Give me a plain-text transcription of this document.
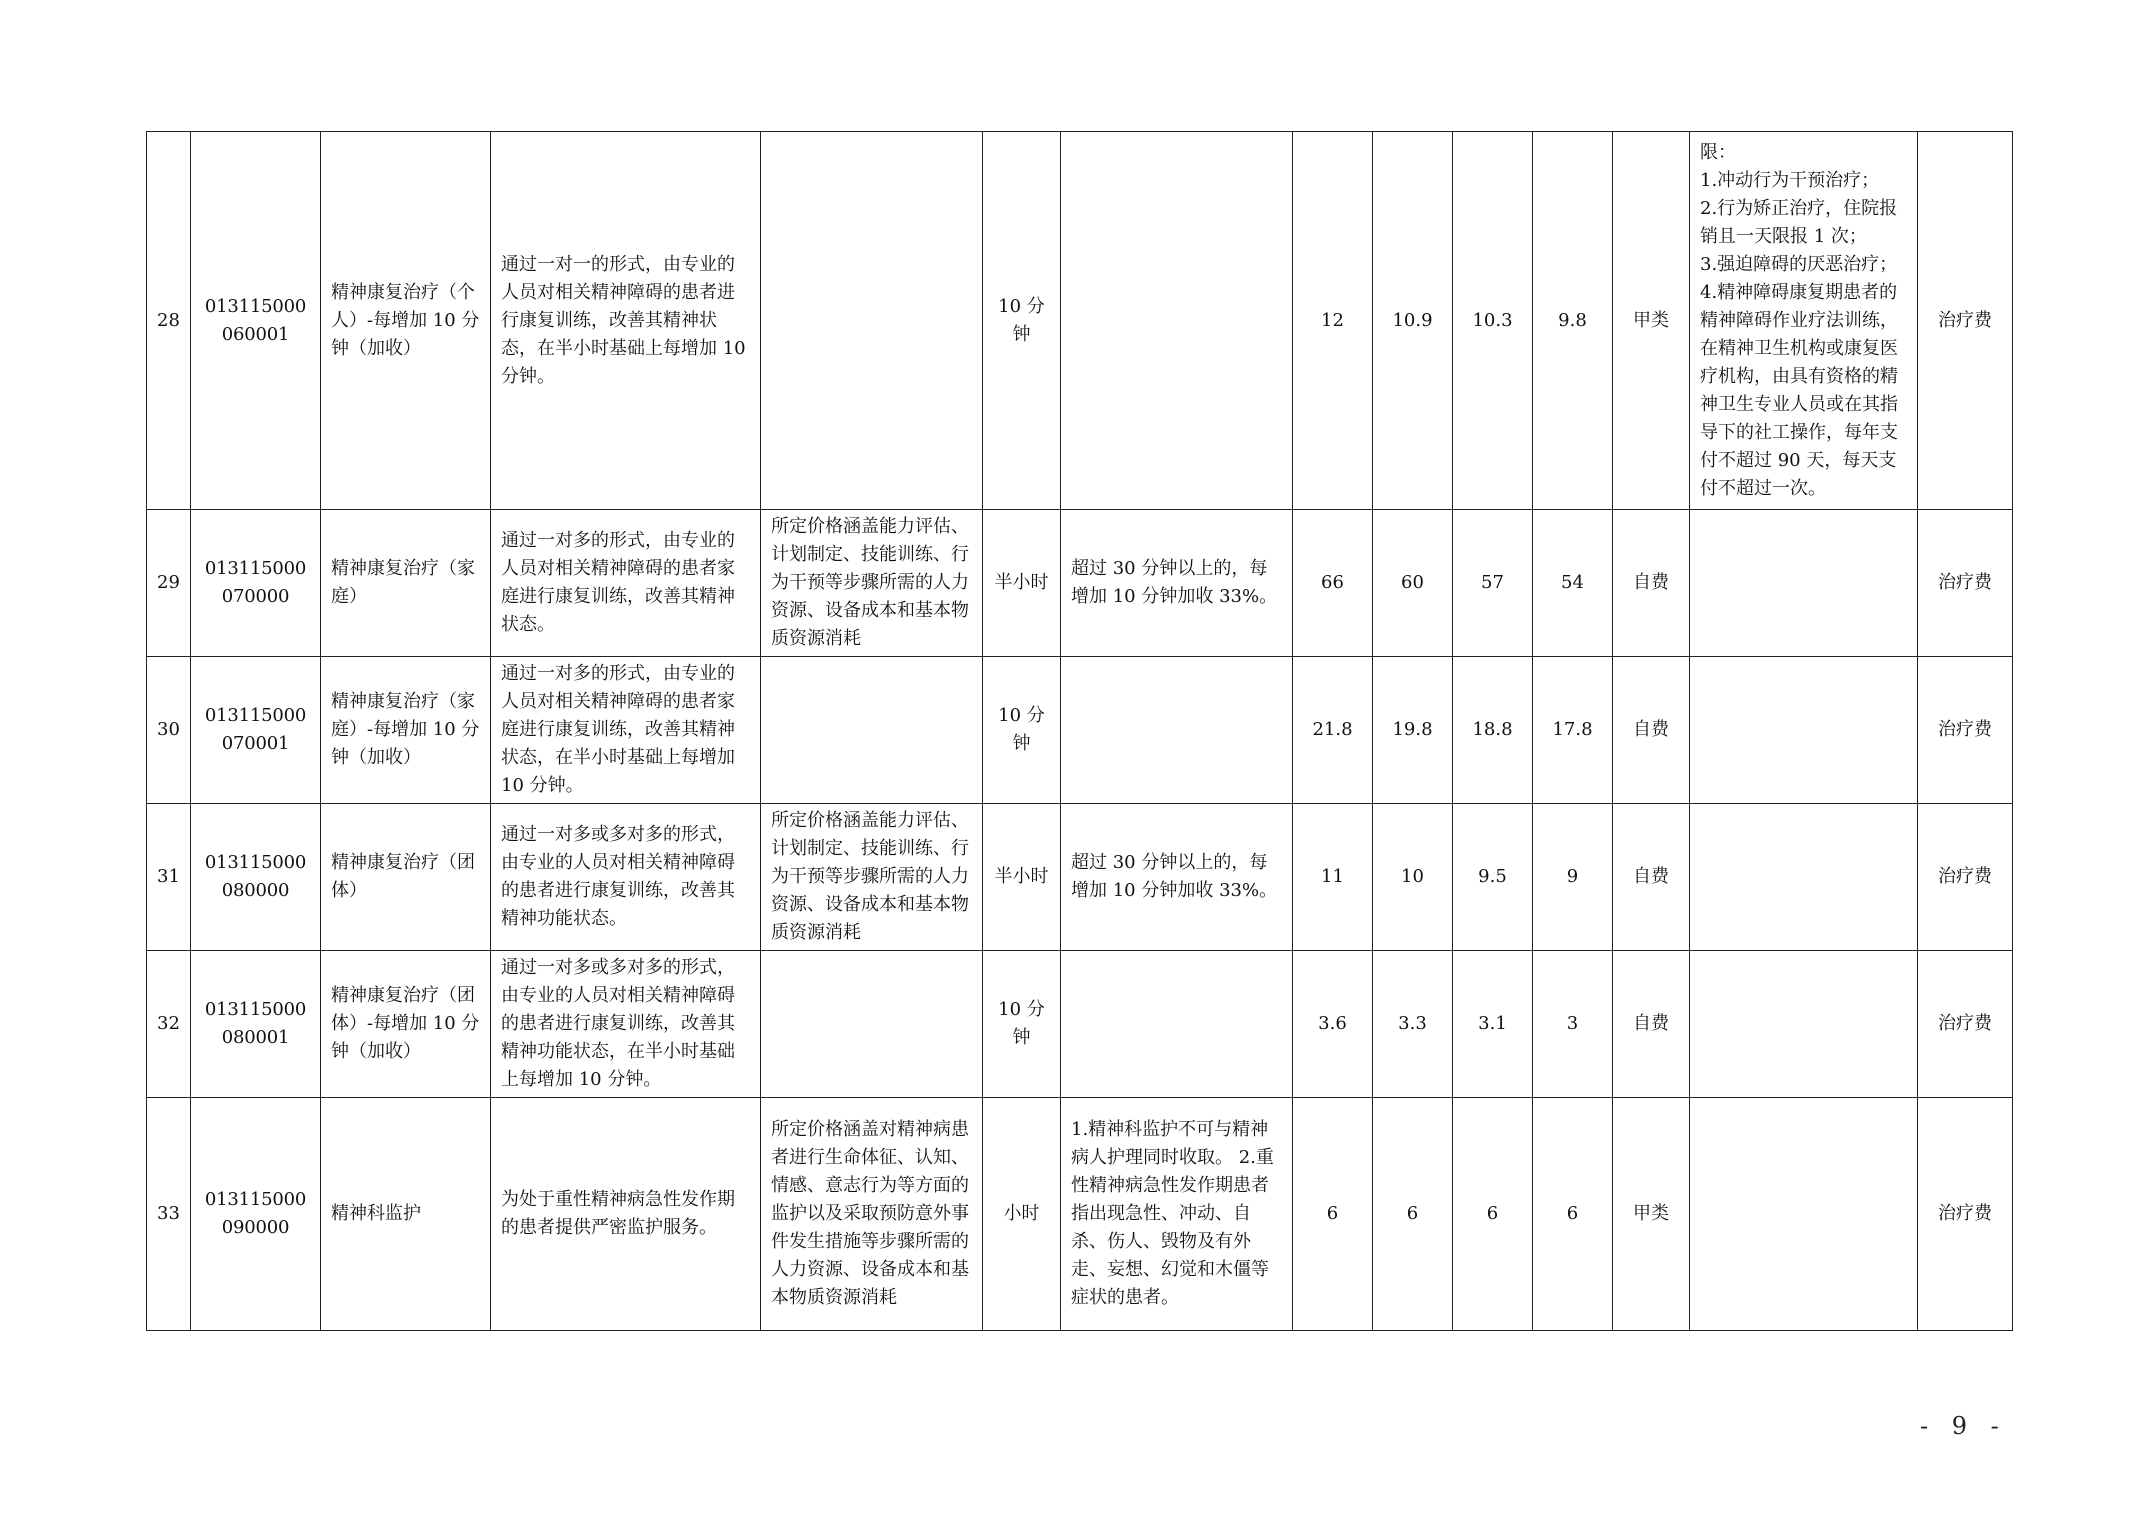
28	013115000060001	精神康复治疗（个人）-每增加 10 分钟（加收）	通过一对一的形式，由专业的人员对相关精神障碍的患者进行康复训练，改善其精神状态，在半小时基础上每增加 10 分钟。		10 分钟		12	10.9	10.3	9.8	甲类	限：
1.冲动行为干预治疗；
2.行为矫正治疗，住院报销且一天限报 1 次；
3.强迫障碍的厌恶治疗；
4.精神障碍康复期患者的精神障碍作业疗法训练，在精神卫生机构或康复医疗机构，由具有资格的精神卫生专业人员或在其指导下的社工操作，每年支付不超过 90 天，每天支付不超过一次。	治疗费
29	013115000070000	精神康复治疗（家庭）	通过一对多的形式，由专业的人员对相关精神障碍的患者家庭进行康复训练，改善其精神状态。	所定价格涵盖能力评估、计划制定、技能训练、行为干预等步骤所需的人力资源、设备成本和基本物质资源消耗	半小时	超过 30 分钟以上的，每增加 10 分钟加收 33%。	66	60	57	54	自费		治疗费
30	013115000070001	精神康复治疗（家庭）-每增加 10 分钟（加收）	通过一对多的形式，由专业的人员对相关精神障碍的患者家庭进行康复训练，改善其精神状态，在半小时基础上每增加 10 分钟。		10 分钟		21.8	19.8	18.8	17.8	自费		治疗费
31	013115000080000	精神康复治疗（团体）	通过一对多或多对多的形式，由专业的人员对相关精神障碍的患者进行康复训练，改善其精神功能状态。	所定价格涵盖能力评估、计划制定、技能训练、行为干预等步骤所需的人力资源、设备成本和基本物质资源消耗	半小时	超过 30 分钟以上的，每增加 10 分钟加收 33%。	11	10	9.5	9	自费		治疗费
32	013115000080001	精神康复治疗（团体）-每增加 10 分钟（加收）	通过一对多或多对多的形式，由专业的人员对相关精神障碍的患者进行康复训练，改善其精神功能状态，在半小时基础上每增加 10 分钟。		10 分钟		3.6	3.3	3.1	3	自费		治疗费
33	013115000090000	精神科监护	为处于重性精神病急性发作期的患者提供严密监护服务。	所定价格涵盖对精神病患者进行生命体征、认知、情感、意志行为等方面的监护以及采取预防意外事件发生措施等步骤所需的人力资源、设备成本和基本物质资源消耗	小时	1.精神科监护不可与精神病人护理同时收取。 2.重性精神病急性发作期患者指出现急性、冲动、自杀、伤人、毁物及有外走、妄想、幻觉和木僵等症状的患者。	6	6	6	6	甲类		治疗费
- 9 -
